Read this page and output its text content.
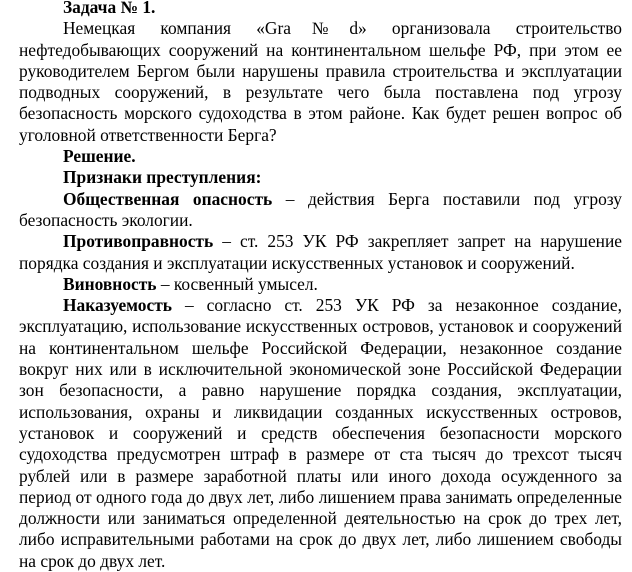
Задача № 1.

Немецкая компания «Gra№d» организовала строительство нефтедобывающих сооружений на континентальном шельфе РФ, при этом ее руководителем Бергом были нарушены правила строительства и эксплуатации подводных сооружений, в результате чего была поставлена под угрозу безопасность морского судоходства в этом районе. Как будет решен вопрос об уголовной ответственности Берга?

Решение.

Признаки преступления:

Общественная опасность – действия Берга поставили под угрозу безопасность экологии.

Противоправность – ст. 253 УК РФ закрепляет запрет на нарушение порядка создания и эксплуатации искусственных установок и сооружений.

Виновность – косвенный умысел.

Наказуемость – согласно ст. 253 УК РФ за незаконное создание, эксплуатацию, использование искусственных островов, установок и сооружений на континентальном шельфе Российской Федерации, незаконное создание вокруг них или в исключительной экономической зоне Российской Федерации зон безопасности, а равно нарушение порядка создания, эксплуатации, использования, охраны и ликвидации созданных искусственных островов, установок и сооружений и средств обеспечения безопасности морского судоходства предусмотрен штраф в размере от ста тысяч до трехсот тысяч рублей или в размере заработной платы или иного дохода осужденного за период от одного года до двух лет, либо лишением права занимать определенные должности или заниматься определенной деятельностью на срок до трех лет, либо исправительными работами на срок до двух лет, либо лишением свободы на срок до двух лет.
